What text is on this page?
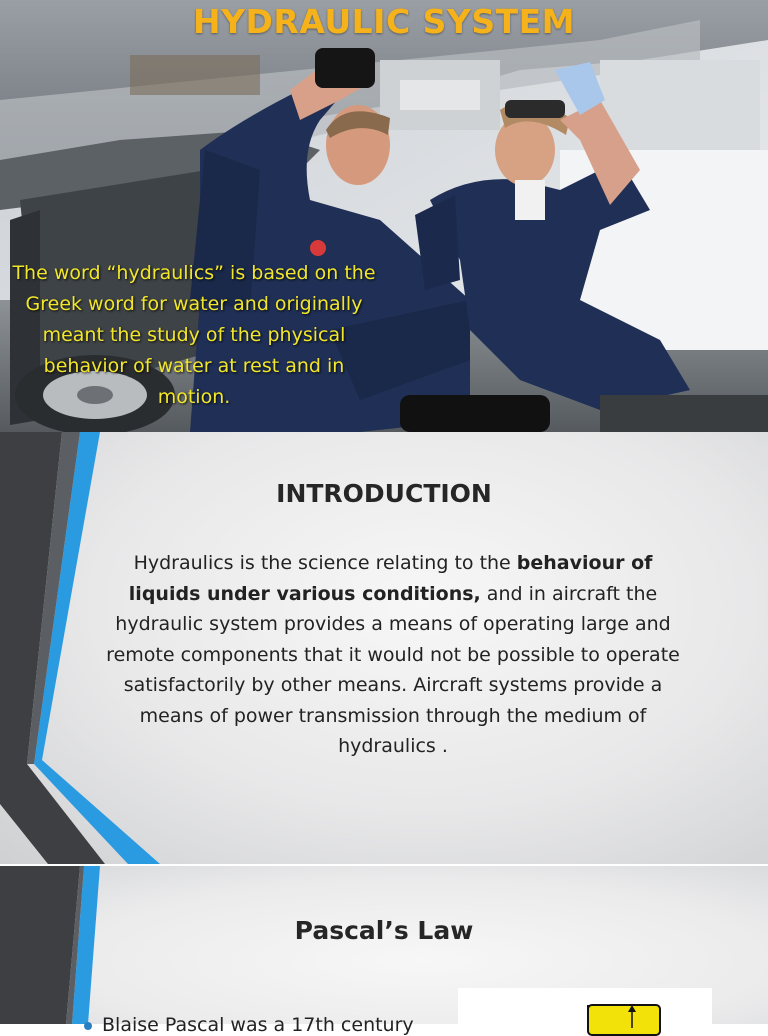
HYDRAULIC SYSTEM

The word “hydraulics” is based on the Greek word for water and originally meant the study of the physical behavior of water at rest and in motion.

INTRODUCTION

Hydraulics is the science relating to the behaviour of liquids under various conditions, and in aircraft the hydraulic system provides a means of operating large and remote components that it would not be possible to operate satisfactorily by other means. Aircraft systems provide a means of power transmission through the medium of hydraulics .

Pascal’s Law
Blaise Pascal was a 17th century
